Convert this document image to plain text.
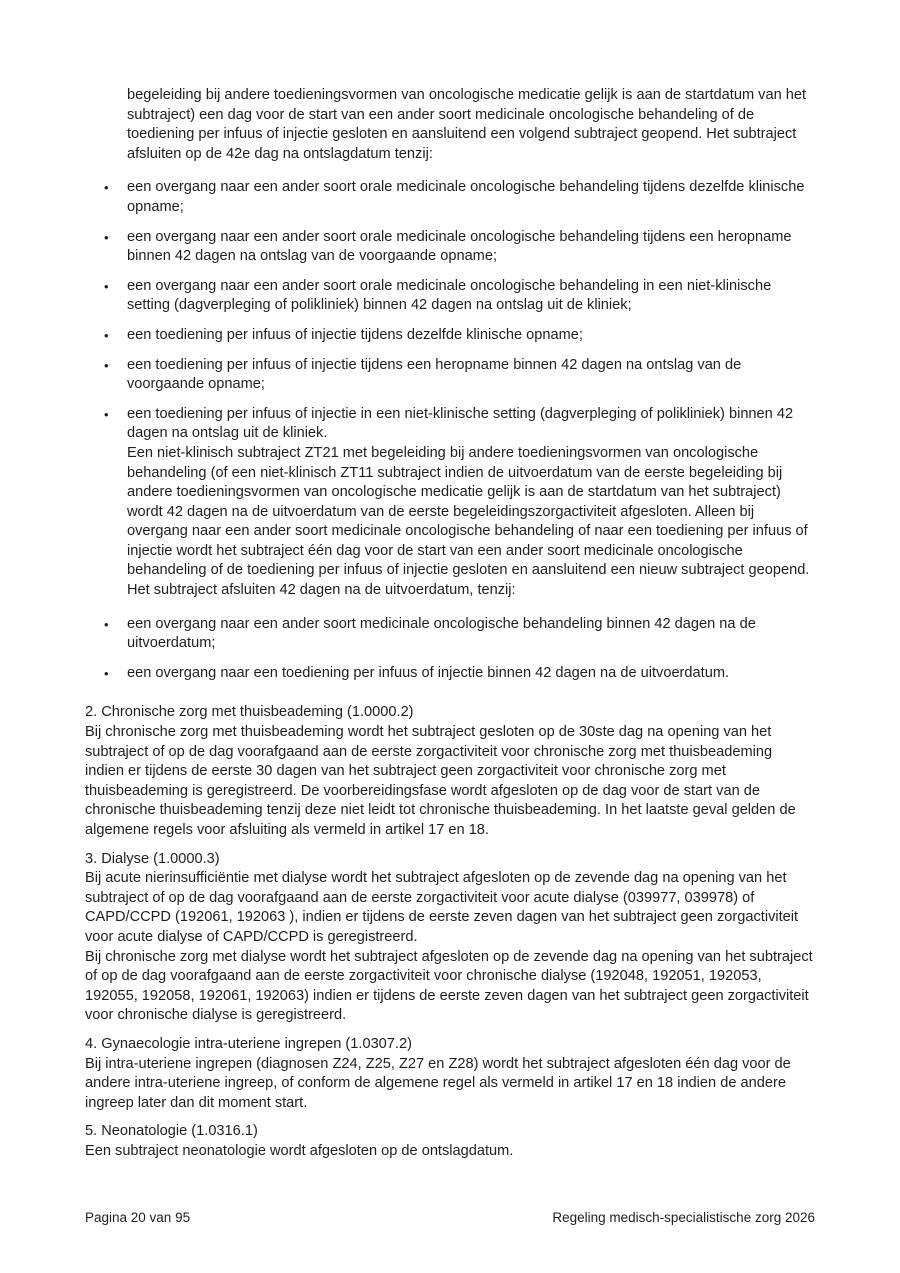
begeleiding bij andere toedieningsvormen van oncologische medicatie gelijk is aan de startdatum van het subtraject) een dag voor de start van een ander soort medicinale oncologische behandeling of de toediening per infuus of injectie gesloten en aansluitend een volgend subtraject geopend. Het subtraject afsluiten op de 42e dag na ontslagdatum tenzij:
•	een overgang naar een ander soort orale medicinale oncologische behandeling tijdens dezelfde klinische opname;
•	een overgang naar een ander soort orale medicinale oncologische behandeling tijdens een heropname binnen 42 dagen na ontslag van de voorgaande opname;
•	een overgang naar een ander soort orale medicinale oncologische behandeling in een niet-klinische setting (dagverpleging of polikliniek) binnen 42 dagen na ontslag uit de kliniek;
•	een toediening per infuus of injectie tijdens dezelfde klinische opname;
•	een toediening per infuus of injectie tijdens een heropname binnen 42 dagen na ontslag van de voorgaande opname;
•	een toediening per infuus of injectie in een niet-klinische setting (dagverpleging of polikliniek) binnen 42 dagen na ontslag uit de kliniek.
Een niet-klinisch subtraject ZT21 met begeleiding bij andere toedieningsvormen van oncologische behandeling (of een niet-klinisch ZT11 subtraject indien de uitvoerdatum van de eerste begeleiding bij andere toedieningsvormen van oncologische medicatie gelijk is aan de startdatum van het subtraject) wordt 42 dagen na de uitvoerdatum van de eerste begeleidingszorgactiviteit afgesloten. Alleen bij overgang naar een ander soort medicinale oncologische behandeling of naar een toediening per infuus of injectie wordt het subtraject één dag voor de start van een ander soort medicinale oncologische behandeling of de toediening per infuus of injectie gesloten en aansluitend een nieuw subtraject geopend. Het subtraject afsluiten 42 dagen na de uitvoerdatum, tenzij:
•	een overgang naar een ander soort medicinale oncologische behandeling binnen 42 dagen na de uitvoerdatum;
•	een overgang naar een toediening per infuus of injectie binnen 42 dagen na de uitvoerdatum.
2. Chronische zorg met thuisbeademing (1.0000.2)
Bij chronische zorg met thuisbeademing wordt het subtraject gesloten op de 30ste dag na opening van het subtraject of op de dag voorafgaand aan de eerste zorgactiviteit voor chronische zorg met thuisbeademing indien er tijdens de eerste 30 dagen van het subtraject geen zorgactiviteit voor chronische zorg met thuisbeademing is geregistreerd. De voorbereidingsfase wordt afgesloten op de dag voor de start van de chronische thuisbeademing tenzij deze niet leidt tot chronische thuisbeademing. In het laatste geval gelden de algemene regels voor afsluiting als vermeld in artikel 17 en 18.
3. Dialyse (1.0000.3)
Bij acute nierinsufficiëntie met dialyse wordt het subtraject afgesloten op de zevende dag na opening van het subtraject of op de dag voorafgaand aan de eerste zorgactiviteit voor acute dialyse (039977, 039978) of CAPD/CCPD (192061, 192063 ), indien er tijdens de eerste zeven dagen van het subtraject geen zorgactiviteit voor acute dialyse of CAPD/CCPD is geregistreerd.
Bij chronische zorg met dialyse wordt het subtraject afgesloten op de zevende dag na opening van het subtraject of op de dag voorafgaand aan de eerste zorgactiviteit voor chronische dialyse (192048, 192051, 192053, 192055, 192058, 192061, 192063) indien er tijdens de eerste zeven dagen van het subtraject geen zorgactiviteit voor chronische dialyse is geregistreerd.
4. Gynaecologie intra-uteriene ingrepen (1.0307.2)
Bij intra-uteriene ingrepen (diagnosen Z24, Z25, Z27 en Z28) wordt het subtraject afgesloten één dag voor de andere intra-uteriene ingreep, of conform de algemene regel als vermeld in artikel 17 en 18 indien de andere ingreep later dan dit moment start.
5. Neonatologie (1.0316.1)
Een subtraject neonatologie wordt afgesloten op de ontslagdatum.
Pagina 20 van 95	Regeling medisch-specialistische zorg 2026
